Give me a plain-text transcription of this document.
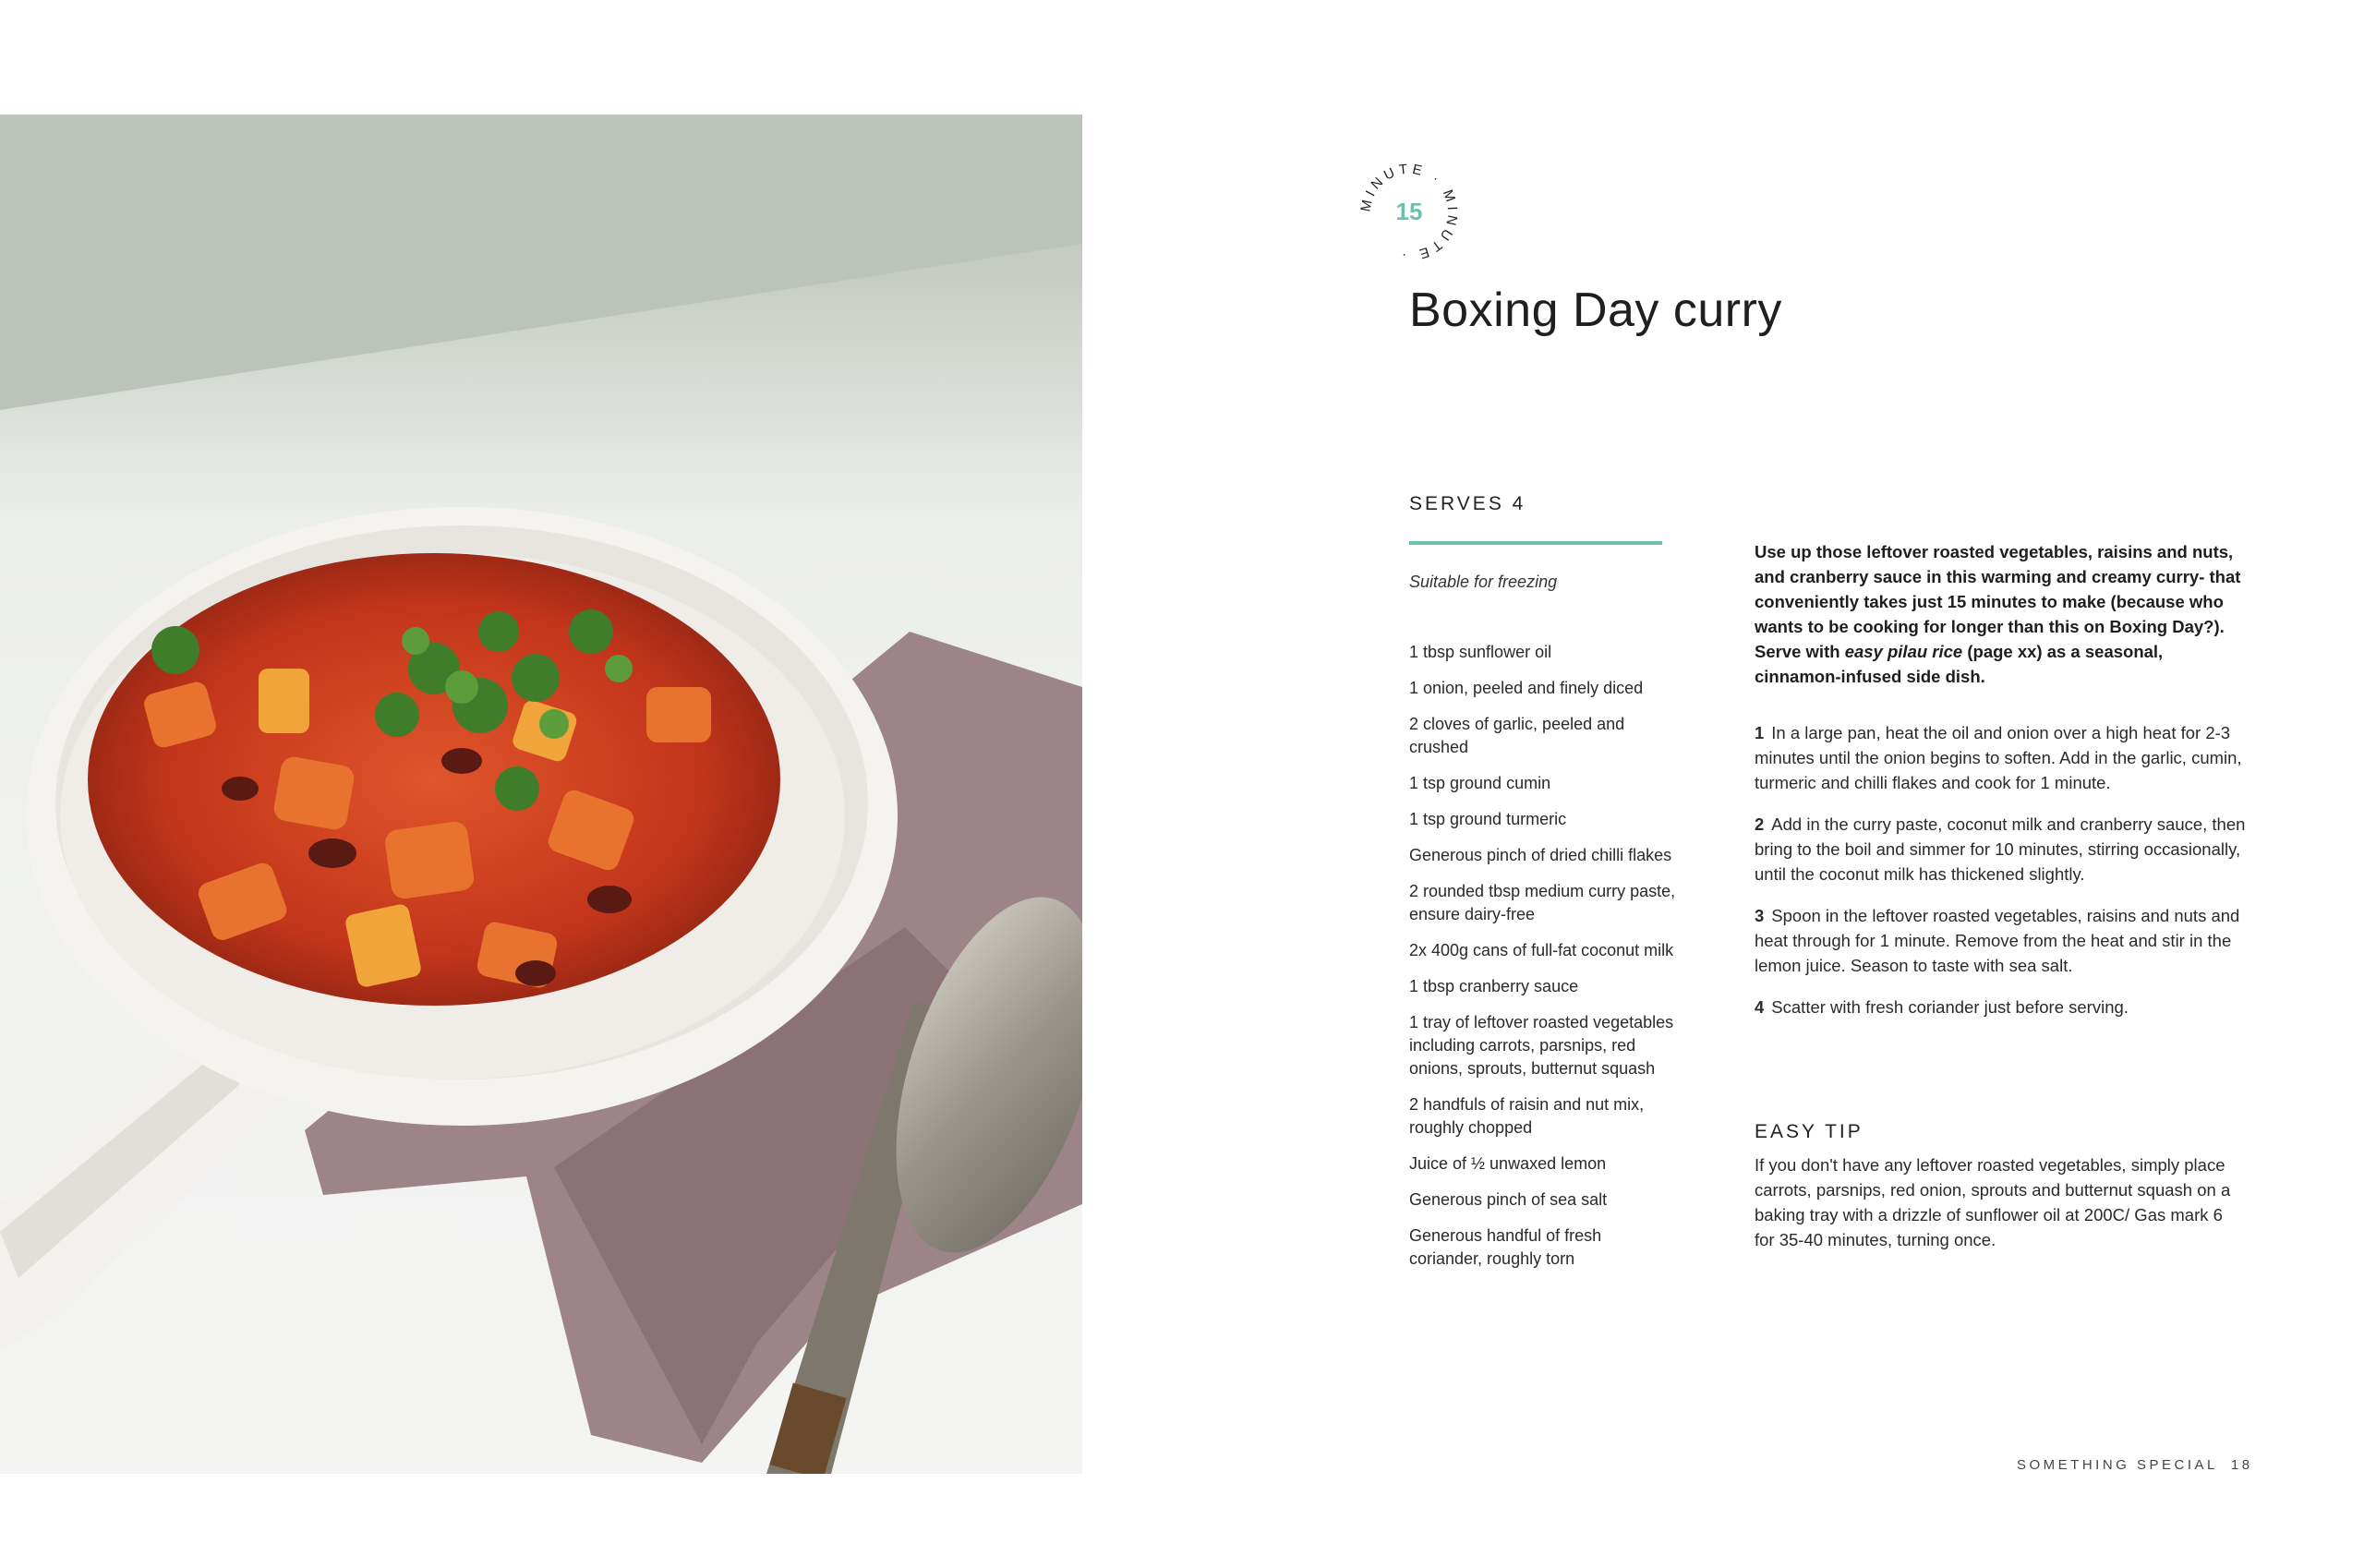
MINUTE · MINUTE ·
15
Boxing Day curry
SERVES 4
Suitable for freezing
1 tbsp sunflower oil
1 onion, peeled and finely diced
2 cloves of garlic, peeled and crushed
1 tsp ground cumin
1 tsp ground turmeric
Generous pinch of dried chilli flakes
2 rounded tbsp medium curry paste, ensure dairy-free
2x 400g cans of full-fat coconut milk
1 tbsp cranberry sauce
1 tray of leftover roasted vegetables including carrots, parsnips, red onions, sprouts, butternut squash
2 handfuls of raisin and nut mix, roughly chopped
Juice of ½ unwaxed lemon
Generous pinch of sea salt
Generous handful of fresh coriander, roughly torn

Use up those leftover roasted vegetables, raisins and nuts, and cranberry sauce in this warming and creamy curry- that conveniently takes just 15 minutes to make (because who wants to be cooking for longer than this on Boxing Day?). Serve with easy pilau rice (page xx) as a seasonal, cinnamon-infused side dish.

1 In a large pan, heat the oil and onion over a high heat for 2-3 minutes until the onion begins to soften. Add in the garlic, cumin, turmeric and chilli flakes and cook for 1 minute.
2 Add in the curry paste, coconut milk and cranberry sauce, then bring to the boil and simmer for 10 minutes, stirring occasionally, until the coconut milk has thickened slightly.
3 Spoon in the leftover roasted vegetables, raisins and nuts and heat through for 1 minute. Remove from the heat and stir in the lemon juice. Season to taste with sea salt.
4 Scatter with fresh coriander just before serving.
EASY TIP

If you don't have any leftover roasted vegetables, simply place carrots, parsnips, red onion, sprouts and butternut squash on a baking tray with a drizzle of sunflower oil at 200C/ Gas mark 6 for 35-40 minutes, turning once.

SOMETHING SPECIAL 18
